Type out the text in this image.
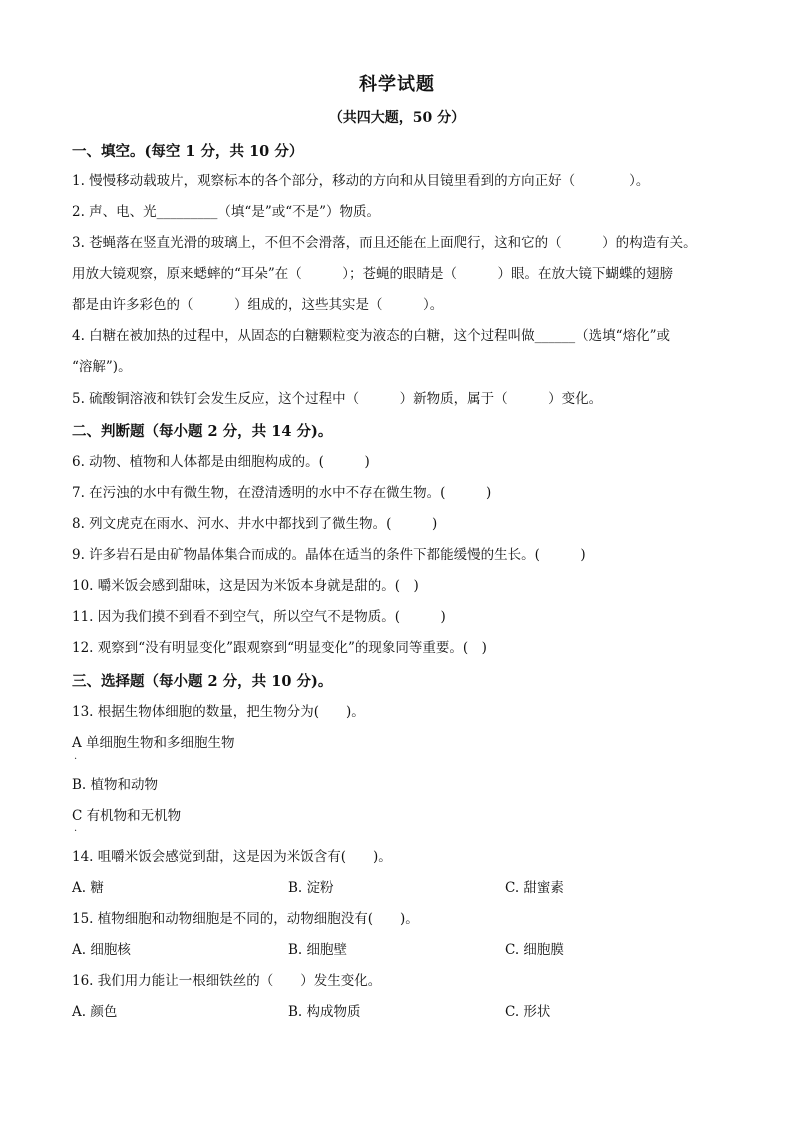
科学试题
（共四大题，50 分）
一、填空。(每空 1 分，共 10 分）
1. 慢慢移动载玻片，观察标本的各个部分，移动的方向和从目镜里看到的方向正好（　　　　）。
2. 声、电、光_________（填“是”或“不是”）物质。
3. 苍蝇落在竖直光滑的玻璃上，不但不会滑落，而且还能在上面爬行，这和它的（　　　）的构造有关。
用放大镜观察，原来蟋蟀的“耳朵”在（　　　）；苍蝇的眼睛是（　　　）眼。在放大镜下蝴蝶的翅膀
都是由许多彩色的（　　　）组成的，这些其实是（　　　）。
4. 白糖在被加热的过程中，从固态的白糖颗粒变为液态的白糖，这个过程叫做______（选填“熔化”或
“溶解”)。
5. 硫酸铜溶液和铁钉会发生反应，这个过程中（　　　）新物质，属于（　　　）变化。
二、判断题（每小题 2 分，共 14 分)。
6. 动物、植物和人体都是由细胞构成的。(　　　)
7. 在污浊的水中有微生物，在澄清透明的水中不存在微生物。(　　　)
8. 列文虎克在雨水、河水、井水中都找到了微生物。(　　　)
9. 许多岩石是由矿物晶体集合而成的。晶体在适当的条件下都能缓慢的生长。(　　　)
10. 嚼米饭会感到甜味，这是因为米饭本身就是甜的。(　)
11. 因为我们摸不到看不到空气，所以空气不是物质。(　　　)
12. 观察到“没有明显变化”跟观察到“明显变化”的现象同等重要。(　)
三、选择题（每小题 2 分，共 10 分)。
13. 根据生物体细胞的数量，把生物分为(　　)。
A 单细胞生物和多细胞生物
·
B. 植物和动物
C 有机物和无机物
·
14. 咀嚼米饭会感觉到甜，这是因为米饭含有(　　)。
A. 糖	B. 淀粉	C. 甜蜜素
15. 植物细胞和动物细胞是不同的，动物细胞没有(　　)。
A. 细胞核	B. 细胞壁	C. 细胞膜
16. 我们用力能让一根细铁丝的（　　）发生变化。
A. 颜色	B. 构成物质	C. 形状
